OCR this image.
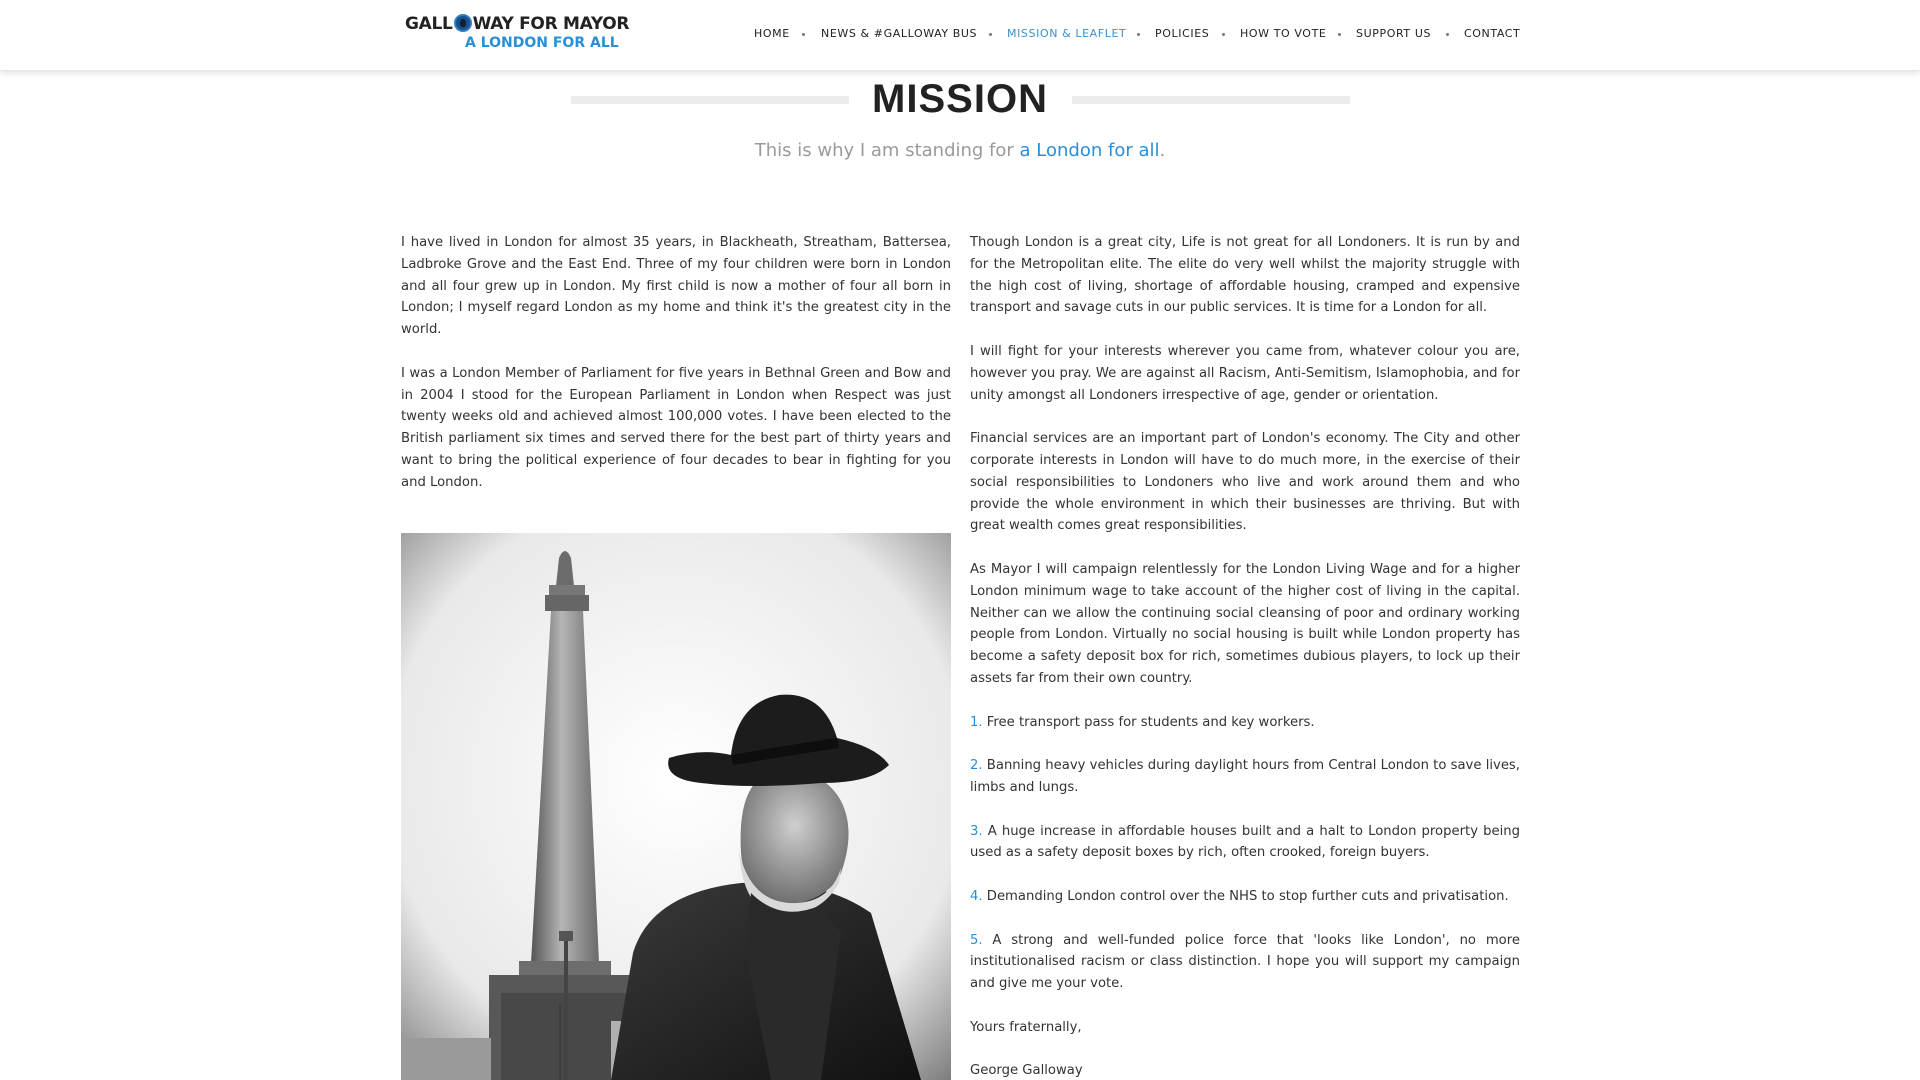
GALL WAY FOR MAYOR
A LONDON FOR ALL
HOME	NEWS & #GALLOWAY BUS	MISSION & LEAFLET	POLICIES	HOW TO VOTE	SUPPORT US	CONTACT
MISSION
This is why I am standing for a London for all.

I have lived in London for almost 35 years, in Blackheath, Streatham, Battersea, Ladbroke Grove and the East End. Three of my four children were born in London and all four grew up in London. My first child is now a mother of four all born in London; I myself regard London as my home and think it's the greatest city in the world.

I was a London Member of Parliament for five years in Bethnal Green and Bow and in 2004 I stood for the European Parliament in London when Respect was just twenty weeks old and achieved almost 100,000 votes. I have been elected to the British parliament six times and served there for the best part of thirty years and want to bring the political experience of four decades to bear in fighting for you and London.

Though London is a great city, Life is not great for all Londoners. It is run by and for the Metropolitan elite. The elite do very well whilst the majority struggle with the high cost of living, shortage of affordable housing, cramped and expensive transport and savage cuts in our public services. It is time for a London for all.

I will fight for your interests wherever you came from, whatever colour you are, however you pray. We are against all Racism, Anti-Semitism, Islamophobia, and for unity amongst all Londoners irrespective of age, gender or orientation.

Financial services are an important part of London's economy. The City and other corporate interests in London will have to do much more, in the exercise of their social responsibilities to Londoners who live and work around them and who provide the whole environment in which their businesses are thriving. But with great wealth comes great responsibilities.

As Mayor I will campaign relentlessly for the London Living Wage and for a higher London minimum wage to take account of the higher cost of living in the capital. Neither can we allow the continuing social cleansing of poor and ordinary working people from London. Virtually no social housing is built while London property has become a safety deposit box for rich, sometimes dubious players, to lock up their assets far from their own country.

1. Free transport pass for students and key workers.

2. Banning heavy vehicles during daylight hours from Central London to save lives, limbs and lungs.

3. A huge increase in affordable houses built and a halt to London property being used as a safety deposit boxes by rich, often crooked, foreign buyers.

4. Demanding London control over the NHS to stop further cuts and privatisation.

5. A strong and well-funded police force that 'looks like London', no more institutionalised racism or class distinction. I hope you will support my campaign and give me your vote.

Yours fraternally,

George Galloway
